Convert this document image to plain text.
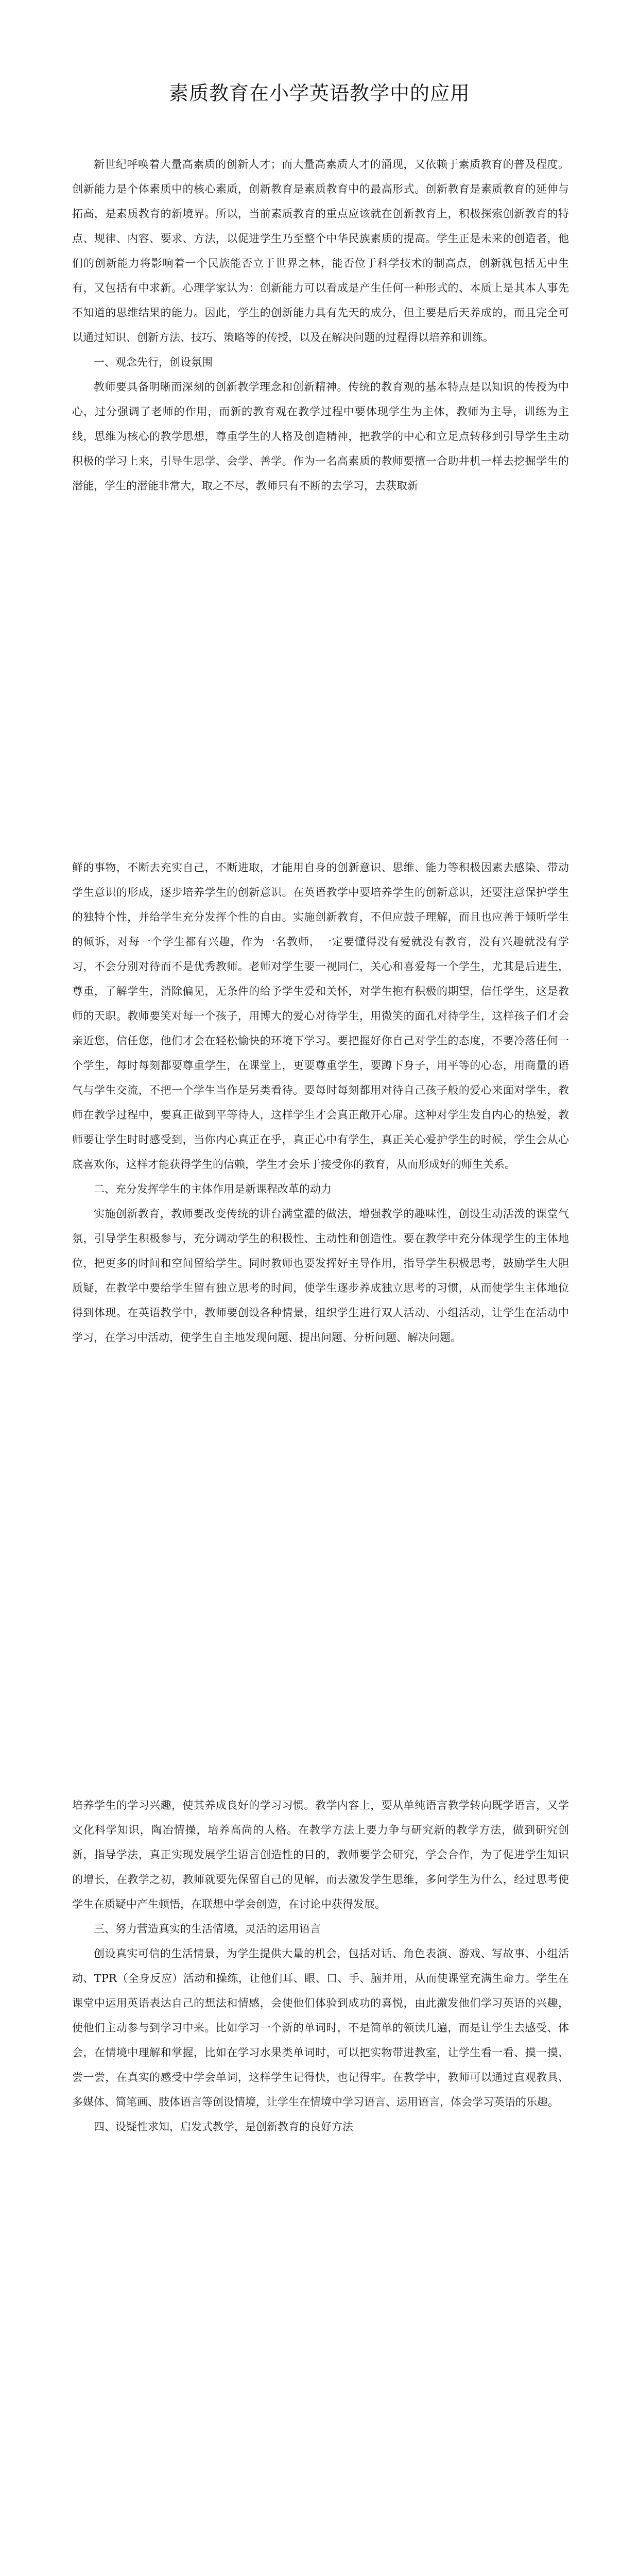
素质教育在小学英语教学中的应用

新世纪呼唤着大量高素质的创新人才；而大量高素质人才的涌现，又依赖于素质教育的普及程度。创新能力是个体素质中的核心素质，创新教育是素质教育中的最高形式。创新教育是素质教育的延伸与拓高，是素质教育的新境界。所以，当前素质教育的重点应该就在创新教育上，积极探索创新教育的特点、规律、内容、要求、方法，以促进学生乃至整个中华民族素质的提高。学生正是未来的创造者，他们的创新能力将影响着一个民族能否立于世界之林，能否位于科学技术的制高点，创新就包括无中生有，又包括有中求新。心理学家认为：创新能力可以看成是产生任何一种形式的、本质上是其本人事先不知道的思维结果的能力。因此，学生的创新能力具有先天的成分，但主要是后天养成的，而且完全可以通过知识、创新方法、技巧、策略等的传授，以及在解决问题的过程得以培养和训练。

一、观念先行，创设氛围

教师要具备明晰而深刻的创新教学理念和创新精神。传统的教育观的基本特点是以知识的传授为中心，过分强调了老师的作用，而新的教育观在教学过程中要体现学生为主体，教师为主导，训练为主线，思维为核心的教学思想，尊重学生的人格及创造精神，把教学的中心和立足点转移到引导学生主动积极的学习上来，引导生思学、会学、善学。作为一名高素质的教师要擅一合助井机一样去挖掘学生的潜能，学生的潜能非常大，取之不尽，教师只有不断的去学习，去获取新

鲜的事物，不断去充实自己，不断进取，才能用自身的创新意识、思维、能力等积极因素去感染、带动学生意识的形成，逐步培养学生的创新意识。在英语教学中要培养学生的创新意识，还要注意保护学生的独特个性，并给学生充分发挥个性的自由。实施创新教育，不但应鼓子理解，而且也应善于倾听学生的倾诉，对每一个学生都有兴趣，作为一名教师，一定要懂得没有爱就没有教育，没有兴趣就没有学习，不会分别对待而不是优秀教师。老师对学生要一视同仁，关心和喜爱每一个学生，尤其是后进生，尊重，了解学生，消除偏见，无条件的给予学生爱和关怀，对学生抱有积极的期望，信任学生，这是教师的天职。教师要笑对每一个孩子，用博大的爱心对待学生，用微笑的面孔对待学生，这样孩子们才会亲近您，信任您，他们才会在轻松愉快的环境下学习。要把握好你自己对学生的态度，不要冷落任何一个学生，每时每刻都要尊重学生，在课堂上，更要尊重学生，要蹲下身子，用平等的心态，用商量的语气与学生交流，不把一个学生当作是另类看待。要每时每刻都用对待自己孩子般的爱心来面对学生，教师在教学过程中，要真正做到平等待人，这样学生才会真正敞开心扉。这种对学生发自内心的热爱，教师要让学生时时感受到，当你内心真正在乎，真正心中有学生，真正关心爱护学生的时候，学生会从心底喜欢你，这样才能获得学生的信赖，学生才会乐于接受你的教育，从而形成好的师生关系。

二、充分发挥学生的主体作用是新课程改革的动力

实施创新教育，教师要改变传统的讲台满堂灌的做法，增强教学的趣味性，创设生动活泼的课堂气氛，引导学生积极参与，充分调动学生的积极性、主动性和创造性。要在教学中充分体现学生的主体地位，把更多的时间和空间留给学生。同时教师也要发挥好主导作用，指导学生积极思考，鼓励学生大胆质疑，在教学中要给学生留有独立思考的时间，使学生逐步养成独立思考的习惯，从而使学生主体地位得到体现。在英语教学中，教师要创设各种情景，组织学生进行双人活动、小组活动，让学生在活动中学习，在学习中活动，使学生自主地发现问题、提出问题、分析问题、解决问题。

培养学生的学习兴趣，使其养成良好的学习习惯。教学内容上，要从单纯语言教学转向既学语言，又学文化科学知识，陶冶情操，培养高尚的人格。在教学方法上要力争与研究新的教学方法，做到研究创新，指导学法，真正实现发展学生语言创造性的目的，教师要学会研究，学会合作，为了促进学生知识的增长，在教学之初，教师就要先保留自己的见解，而去激发学生思维，多问学生为什么，经过思考使学生在质疑中产生顿悟，在联想中学会创造，在讨论中获得发展。

三、努力营造真实的生活情境，灵活的运用语言

创设真实可信的生活情景，为学生提供大量的机会，包括对话、角色表演、游戏、写故事、小组活动、TPR（全身反应）活动和操练，让他们耳、眼、口、手、脑并用，从而使课堂充满生命力。学生在课堂中运用英语表达自己的想法和情感，会使他们体验到成功的喜悦，由此激发他们学习英语的兴趣，使他们主动参与到学习中来。比如学习一个新的单词时，不是简单的领读几遍，而是让学生去感受、体会，在情境中理解和掌握，比如在学习水果类单词时，可以把实物带进教室，让学生看一看、摸一摸、尝一尝，在真实的感受中学会单词，这样学生记得快，也记得牢。在教学中，教师可以通过直观教具、多媒体、简笔画、肢体语言等创设情境，让学生在情境中学习语言、运用语言，体会学习英语的乐趣。

四、设疑性求知，启发式教学，是创新教育的良好方法
